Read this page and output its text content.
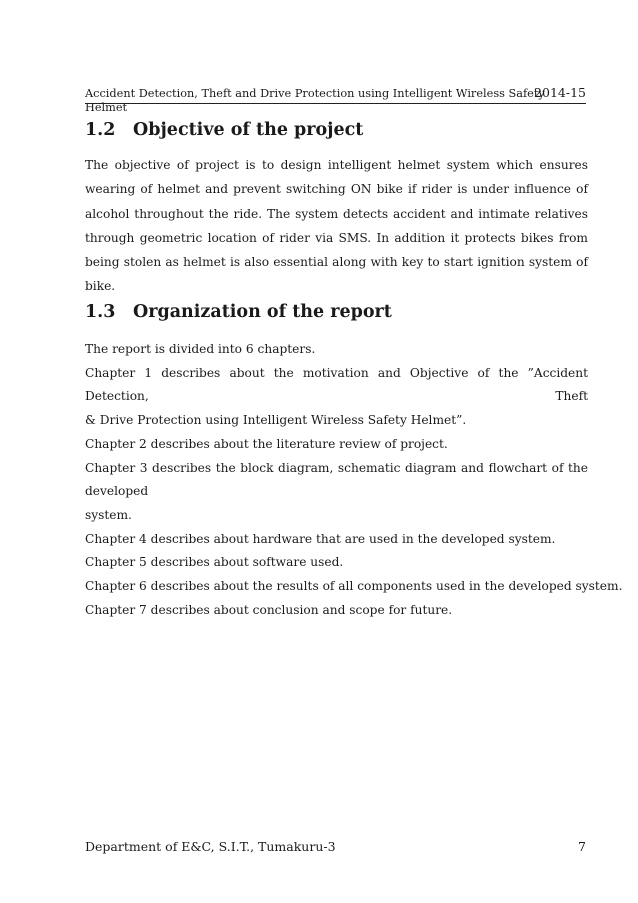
Accident Detection, Theft and Drive Protection using Intelligent Wireless Safety Helmet
2014-15
1.2 Objective of the project
The objective of project is to design intelligent helmet system which ensures wearing of helmet and prevent switching ON bike if rider is under influence of alcohol throughout the ride. The system detects accident and intimate relatives through geometric location of rider via SMS. In addition it protects bikes from being stolen as helmet is also essential along with key to start ignition system of bike.
1.3 Organization of the report
The report is divided into 6 chapters.
Chapter 1 describes about the motivation and Objective of the ”Accident Detection, Theft
& Drive Protection using Intelligent Wireless Safety Helmet”.
Chapter 2 describes about the literature review of project.
Chapter 3 describes the block diagram, schematic diagram and flowchart of the developed
system.
Chapter 4 describes about hardware that are used in the developed system.
Chapter 5 describes about software used.
Chapter 6 describes about the results of all components used in the developed system.
Chapter 7 describes about conclusion and scope for future.
Department of E&C, S.I.T., Tumakuru-3	7
